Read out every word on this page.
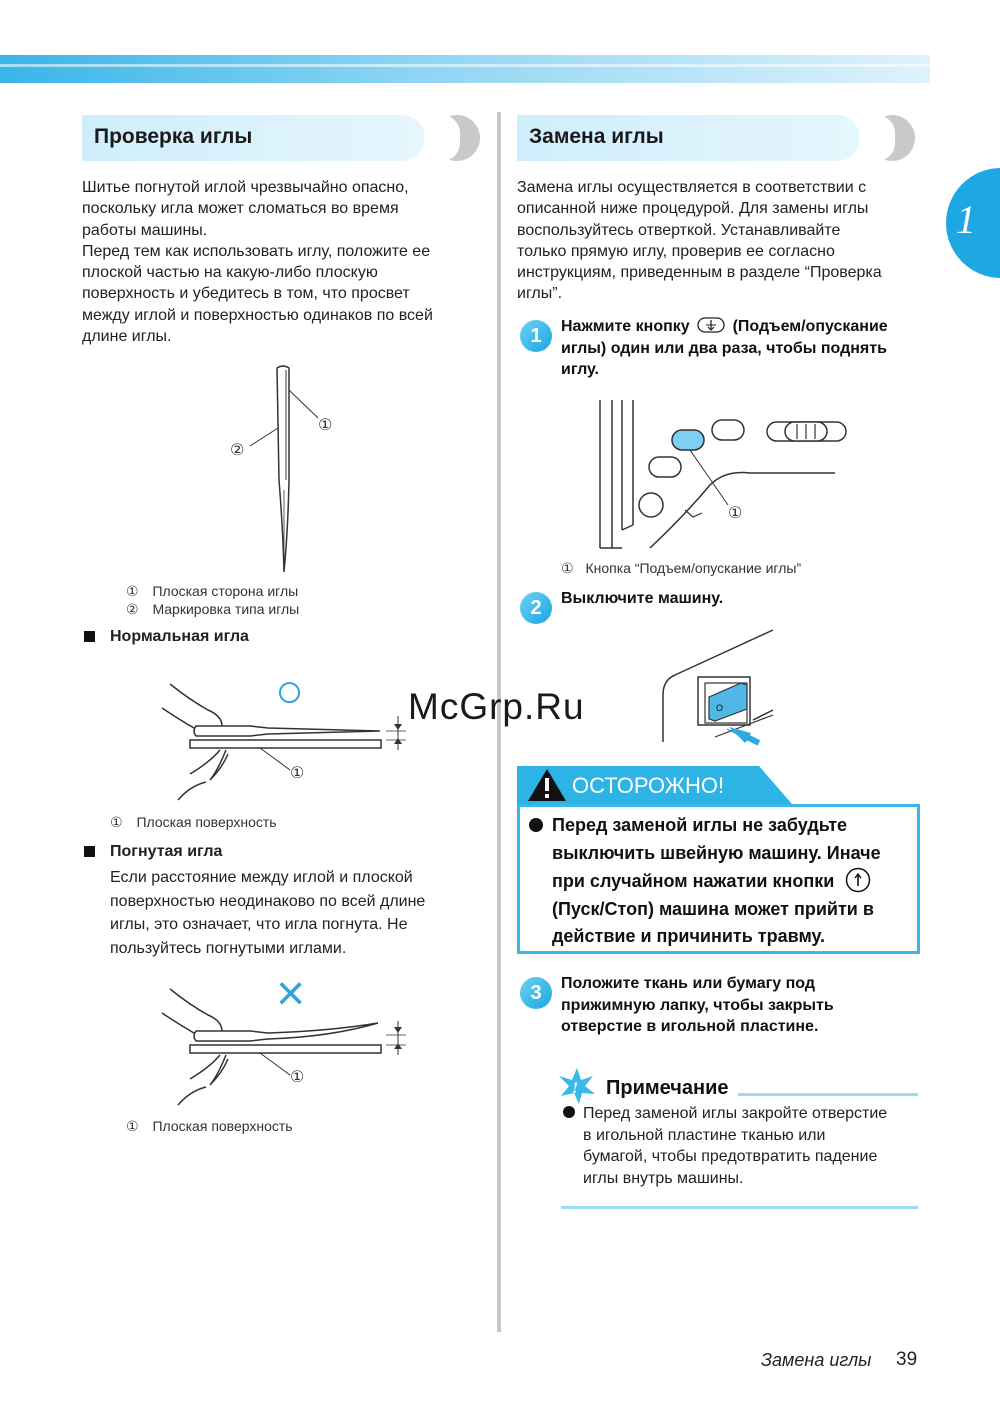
1
Проверка иглы
Шитье погнутой иглой чрезвычайно опасно,
поскольку игла может сломаться во время
работы машины.
Перед тем как использовать иглу, положите ее
плоской частью на какую-либо плоскую
поверхность и убедитесь в том, что просвет
между иглой и поверхностью одинаков по всей
длине иглы.
①
②
① Плоская сторона иглы
② Маркировка типа иглы
Нормальная игла
○
①
① Плоская поверхность
Погнутая игла
Если расстояние между иглой и плоской
поверхностью неодинаково по всей длине
иглы, это означает, что игла погнута. Не
пользуйтесь погнутыми иглами.
×
①
① Плоская поверхность
Замена иглы
Замена иглы осуществляется в соответствии с
описанной ниже процедурой. Для замены иглы
воспользуйтесь отверткой. Устанавливайте
только прямую иглу, проверив ее согласно
инструкциям, приведенным в разделе “Проверка
иглы”.
1	Нажмите кнопку	(Подъем/опускание
иглы) один или два раза, чтобы поднять
иглу.
①
① Кнопка “Подъем/опускание иглы”
2	Выключите машину.
O
McGrp.Ru
ОСТОРОЖНО!
Перед заменой иглы не забудьте
выключить швейную машину. Иначе
при случайном нажатии кнопки
(Пуск/Стоп) машина может прийти в
действие и причинить травму.
3	Положите ткань или бумагу под
прижимную лапку, чтобы закрыть
отверстие в игольной пластине.
! Примечание
Перед заменой иглы закройте отверстие
в игольной пластине тканью или
бумагой, чтобы предотвратить падение
иглы внутрь машины.
Замена иглы 39
